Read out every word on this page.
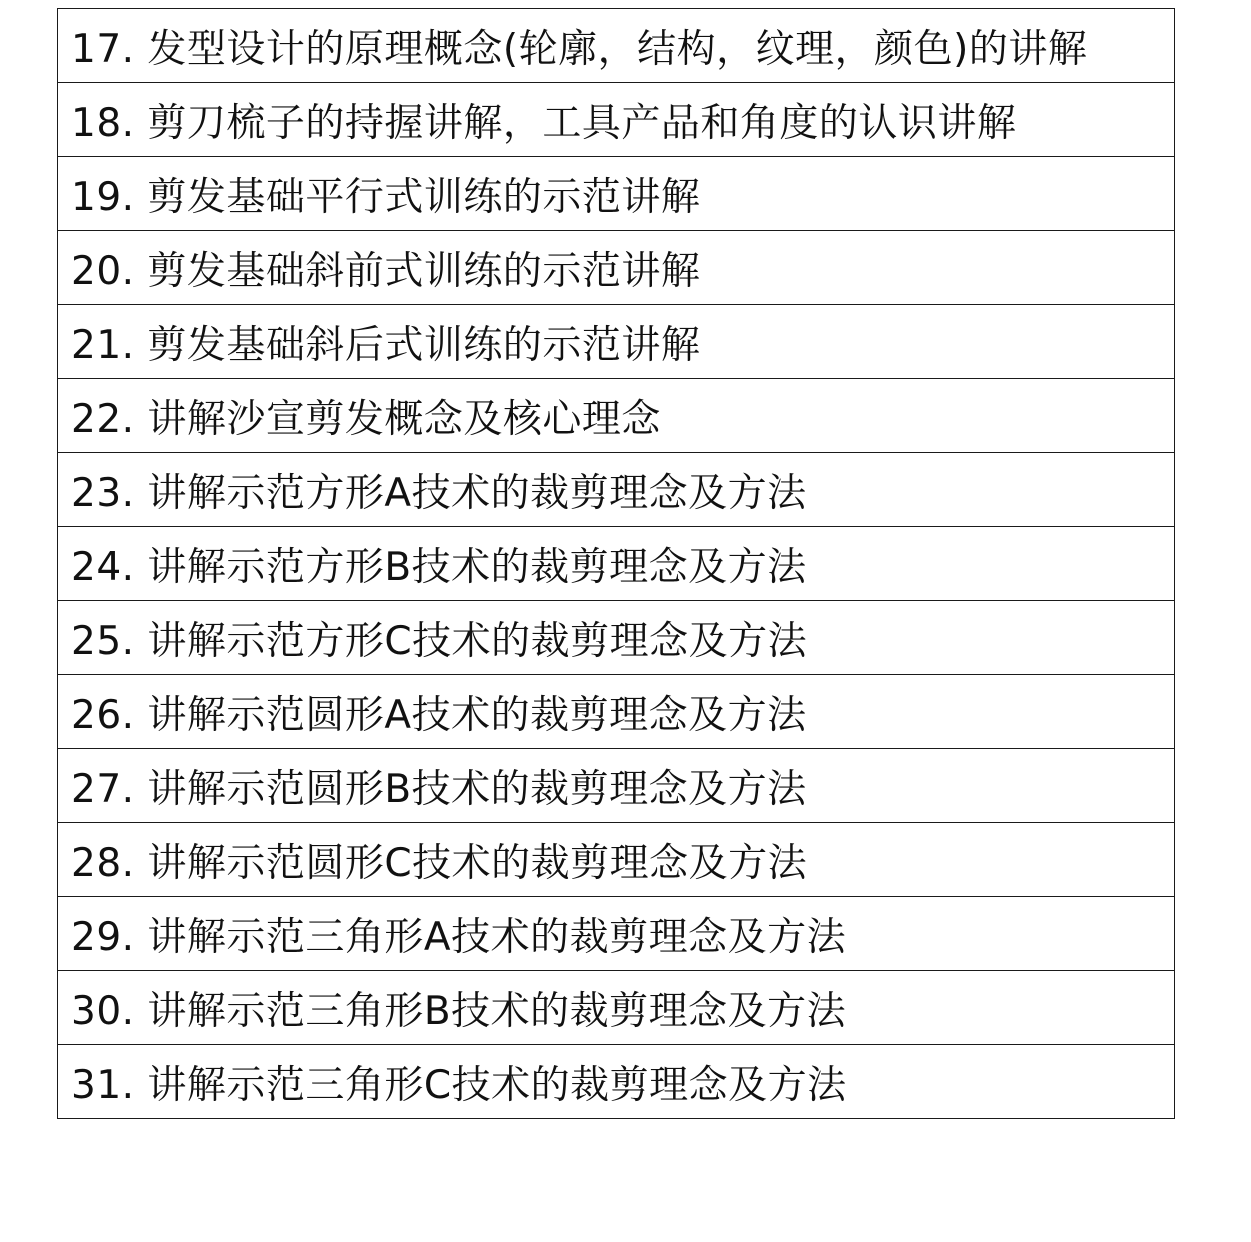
17. 发型设计的原理概念(轮廓，结构，纹理，颜色)的讲解
18. 剪刀梳子的持握讲解，工具产品和角度的认识讲解
19. 剪发基础平行式训练的示范讲解
20. 剪发基础斜前式训练的示范讲解
21. 剪发基础斜后式训练的示范讲解
22. 讲解沙宣剪发概念及核心理念
23. 讲解示范方形A技术的裁剪理念及方法
24. 讲解示范方形B技术的裁剪理念及方法
25. 讲解示范方形C技术的裁剪理念及方法
26. 讲解示范圆形A技术的裁剪理念及方法
27. 讲解示范圆形B技术的裁剪理念及方法
28. 讲解示范圆形C技术的裁剪理念及方法
29. 讲解示范三角形A技术的裁剪理念及方法
30. 讲解示范三角形B技术的裁剪理念及方法
31. 讲解示范三角形C技术的裁剪理念及方法
